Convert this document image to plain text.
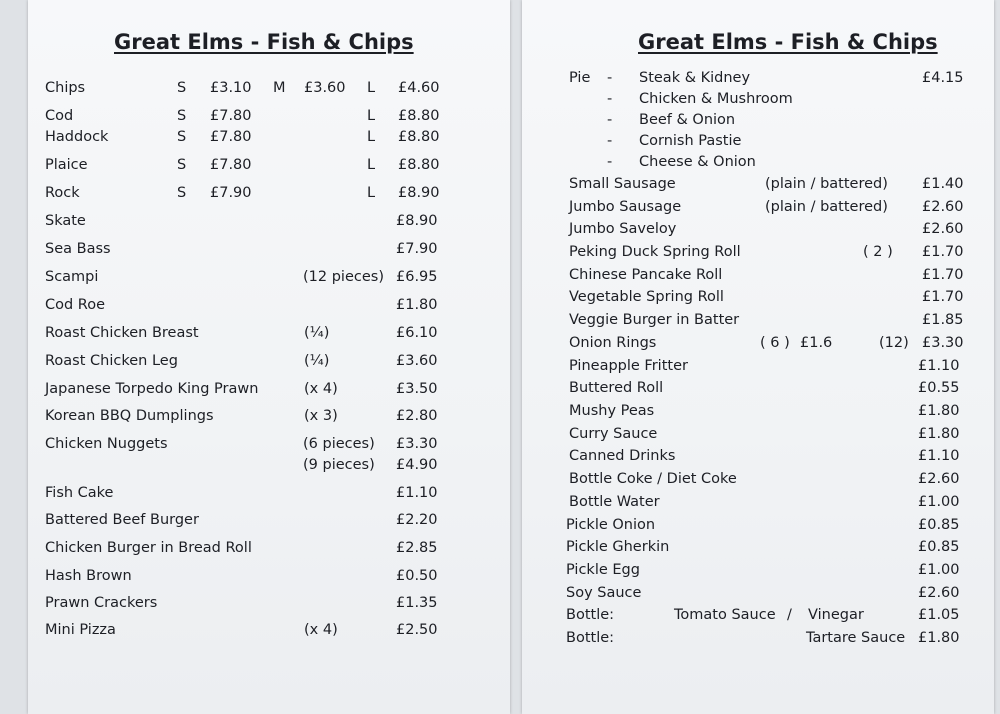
Great Elms - Fish & Chips
Chips	S £3.10 M £3.60 L £4.60
Cod	S £7.80	L £8.80
Haddock	S £7.80	L £8.80
Plaice	S £7.80	L £8.80
Rock	S £7.90	L £8.90
Skate	£8.90
Sea Bass	£7.90
Scampi	(12 pieces) £6.95
Cod Roe	£1.80
Roast Chicken Breast	(¼)	£6.10
Roast Chicken Leg	(¼)	£3.60
Japanese Torpedo King Prawn	(x 4)	£3.50
Korean BBQ Dumplings	(x 3)	£2.80
Chicken Nuggets	(6 pieces) £3.30
(9 pieces) £4.90
Fish Cake	£1.10
Battered Beef Burger	£2.20
Chicken Burger in Bread Roll	£2.85
Hash Brown	£0.50
Prawn Crackers	£1.35
Mini Pizza	(x 4)	£2.50
Great Elms - Fish & Chips
Pie	£4.15
- Steak & Kidney
- Chicken & Mushroom
- Beef & Onion
- Cornish Pastie
- Cheese & Onion
Small Sausage	(plain / battered) £1.40
Jumbo Sausage	(plain / battered) £2.60
Jumbo Saveloy	£2.60
Peking Duck Spring Roll	( 2 ) £1.70
Chinese Pancake Roll	£1.70
Vegetable Spring Roll	£1.70
Veggie Burger in Batter	£1.85
Onion Rings	( 6 ) £1.6	(12) £3.30
Pineapple Fritter	£1.10
Buttered Roll	£0.55
Mushy Peas	£1.80
Curry Sauce	£1.80
Canned Drinks	£1.10
Bottle Coke / Diet Coke	£2.60
Bottle Water	£1.00
Pickle Onion	£0.85
Pickle Gherkin	£0.85
Pickle Egg	£1.00
Soy Sauce	£2.60
Bottle:	Tomato Sauce / Vinegar	£1.05
Bottle:	Tartare Sauce £1.80
